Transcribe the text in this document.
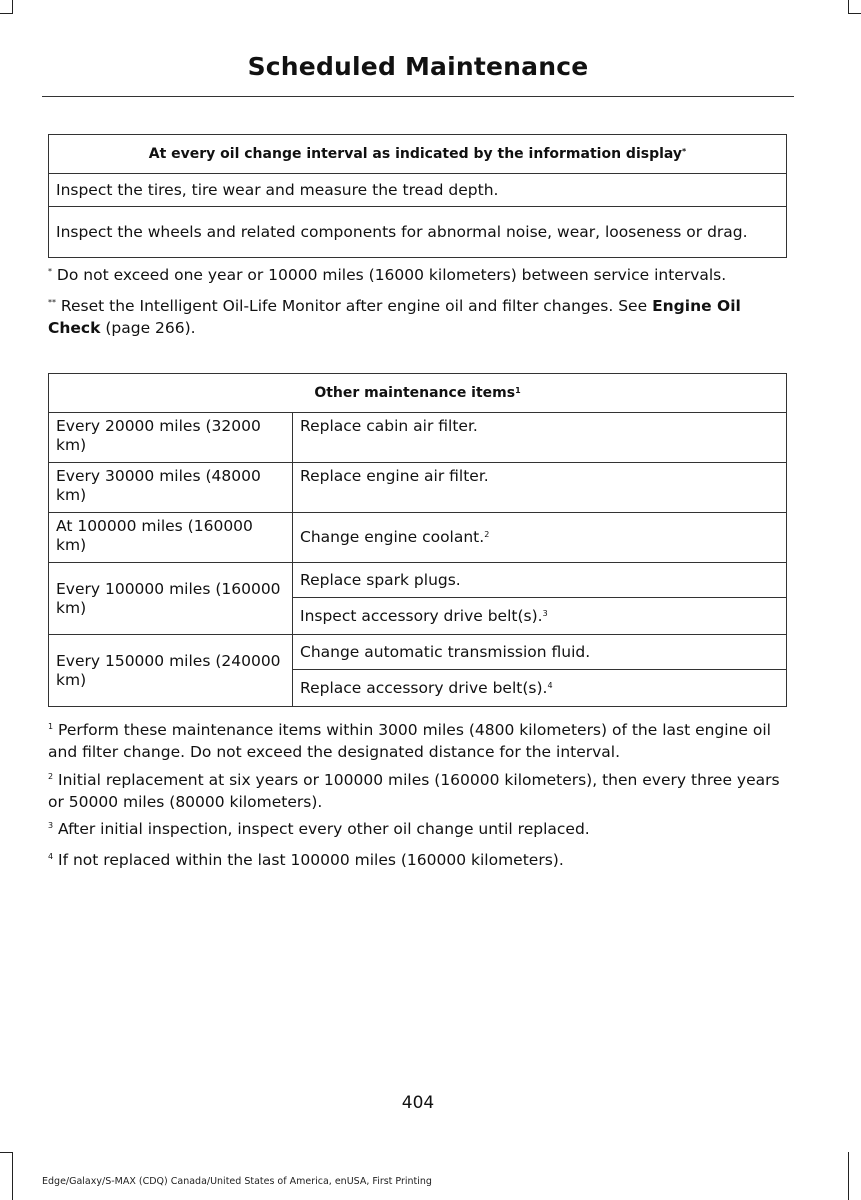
Scheduled Maintenance
At every oil change interval as indicated by the information display*
Inspect the tires, tire wear and measure the tread depth.
Inspect the wheels and related components for abnormal noise, wear, looseness or drag.
* Do not exceed one year or 10000 miles (16000 kilometers) between service intervals.
** Reset the Intelligent Oil-Life Monitor after engine oil and filter changes. See Engine Oil Check (page 266).
Other maintenance items$^1$
Every 20000 miles (32000 km)	Replace cabin air filter.
Every 30000 miles (48000 km)	Replace engine air filter.
At 100000 miles (160000 km)	Change engine coolant.$^2$
Every 100000 miles (160000 km)	Replace spark plugs.
	Inspect accessory drive belt(s).$^3$
Every 150000 miles (240000 km)	Change automatic transmission fluid.
	Replace accessory drive belt(s).$^4$
$^1$ Perform these maintenance items within 3000 miles (4800 kilometers) of the last engine oil and filter change. Do not exceed the designated distance for the interval.
$^2$ Initial replacement at six years or 100000 miles (160000 kilometers), then every three years or 50000 miles (80000 kilometers).
$^3$ After initial inspection, inspect every other oil change until replaced.
$^4$ If not replaced within the last 100000 miles (160000 kilometers).
404
Edge/Galaxy/S-MAX (CDQ) Canada/United States of America, enUSA, First Printing
